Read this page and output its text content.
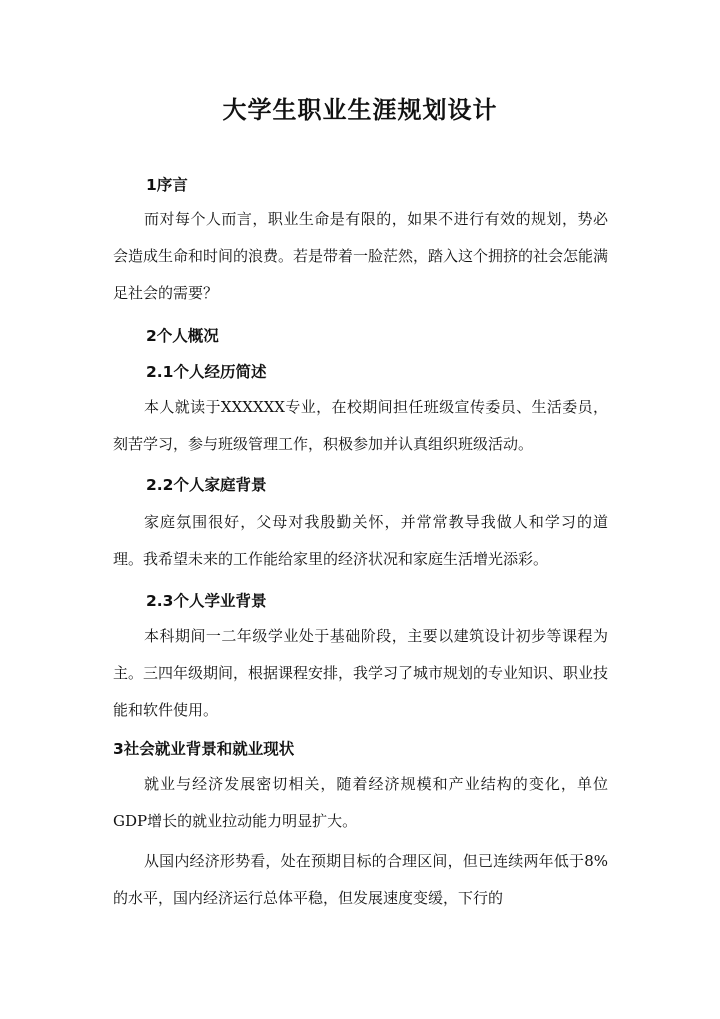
大学生职业生涯规划设计
1序言

而对每个人而言，职业生命是有限的，如果不进行有效的规划，势必会造成生命和时间的浪费。若是带着一脸茫然，踏入这个拥挤的社会怎能满足社会的需要？

2个人概况
2.1个人经历简述

本人就读于XXXXXX专业，在校期间担任班级宣传委员、生活委员，刻苦学习，参与班级管理工作，积极参加并认真组织班级活动。

2.2个人家庭背景

家庭氛围很好，父母对我殷勤关怀，并常常教导我做人和学习的道理。我希望未来的工作能给家里的经济状况和家庭生活增光添彩。

2.3个人学业背景

本科期间一二年级学业处于基础阶段，主要以建筑设计初步等课程为主。三四年级期间，根据课程安排，我学习了城市规划的专业知识、职业技能和软件使用。

3社会就业背景和就业现状

就业与经济发展密切相关，随着经济规模和产业结构的变化，单位GDP增长的就业拉动能力明显扩大。

从国内经济形势看，处在预期目标的合理区间，但已连续两年低于8%的水平，国内经济运行总体平稳，但发展速度变缓，下行的
